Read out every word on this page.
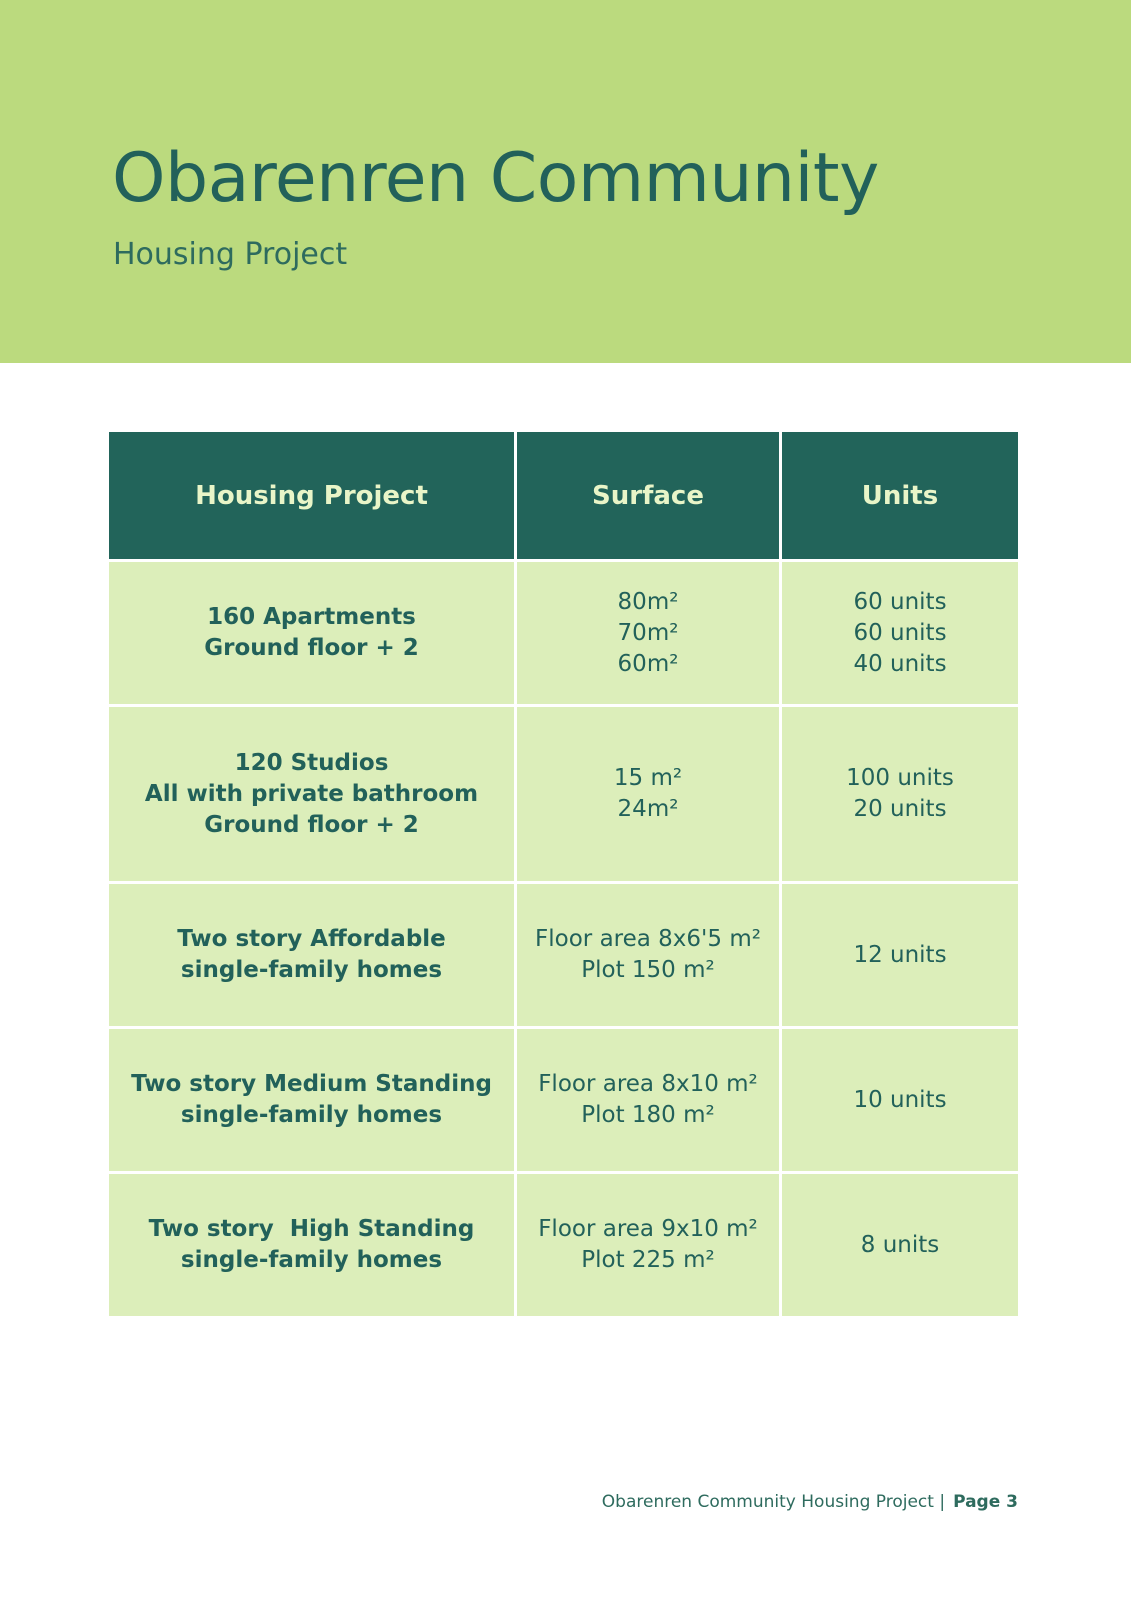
Obarenren Community
Housing Project
Housing Project	Surface	Units
160 Apartments
Ground floor + 2
80m²
70m²
60m²
60 units
60 units
40 units
120 Studios
All with private bathroom
Ground floor + 2
15 m²
24m²
100 units
20 units
Two story Affordable
single-family homes
Floor area 8x6'5 m²
Plot 150 m²
12 units
Two story Medium Standing
single-family homes
Floor area 8x10 m²
Plot 180 m²
10 units
Two story  High Standing
single-family homes
Floor area 9x10 m²
Plot 225 m²
8 units
Obarenren Community Housing Project | Page 3
